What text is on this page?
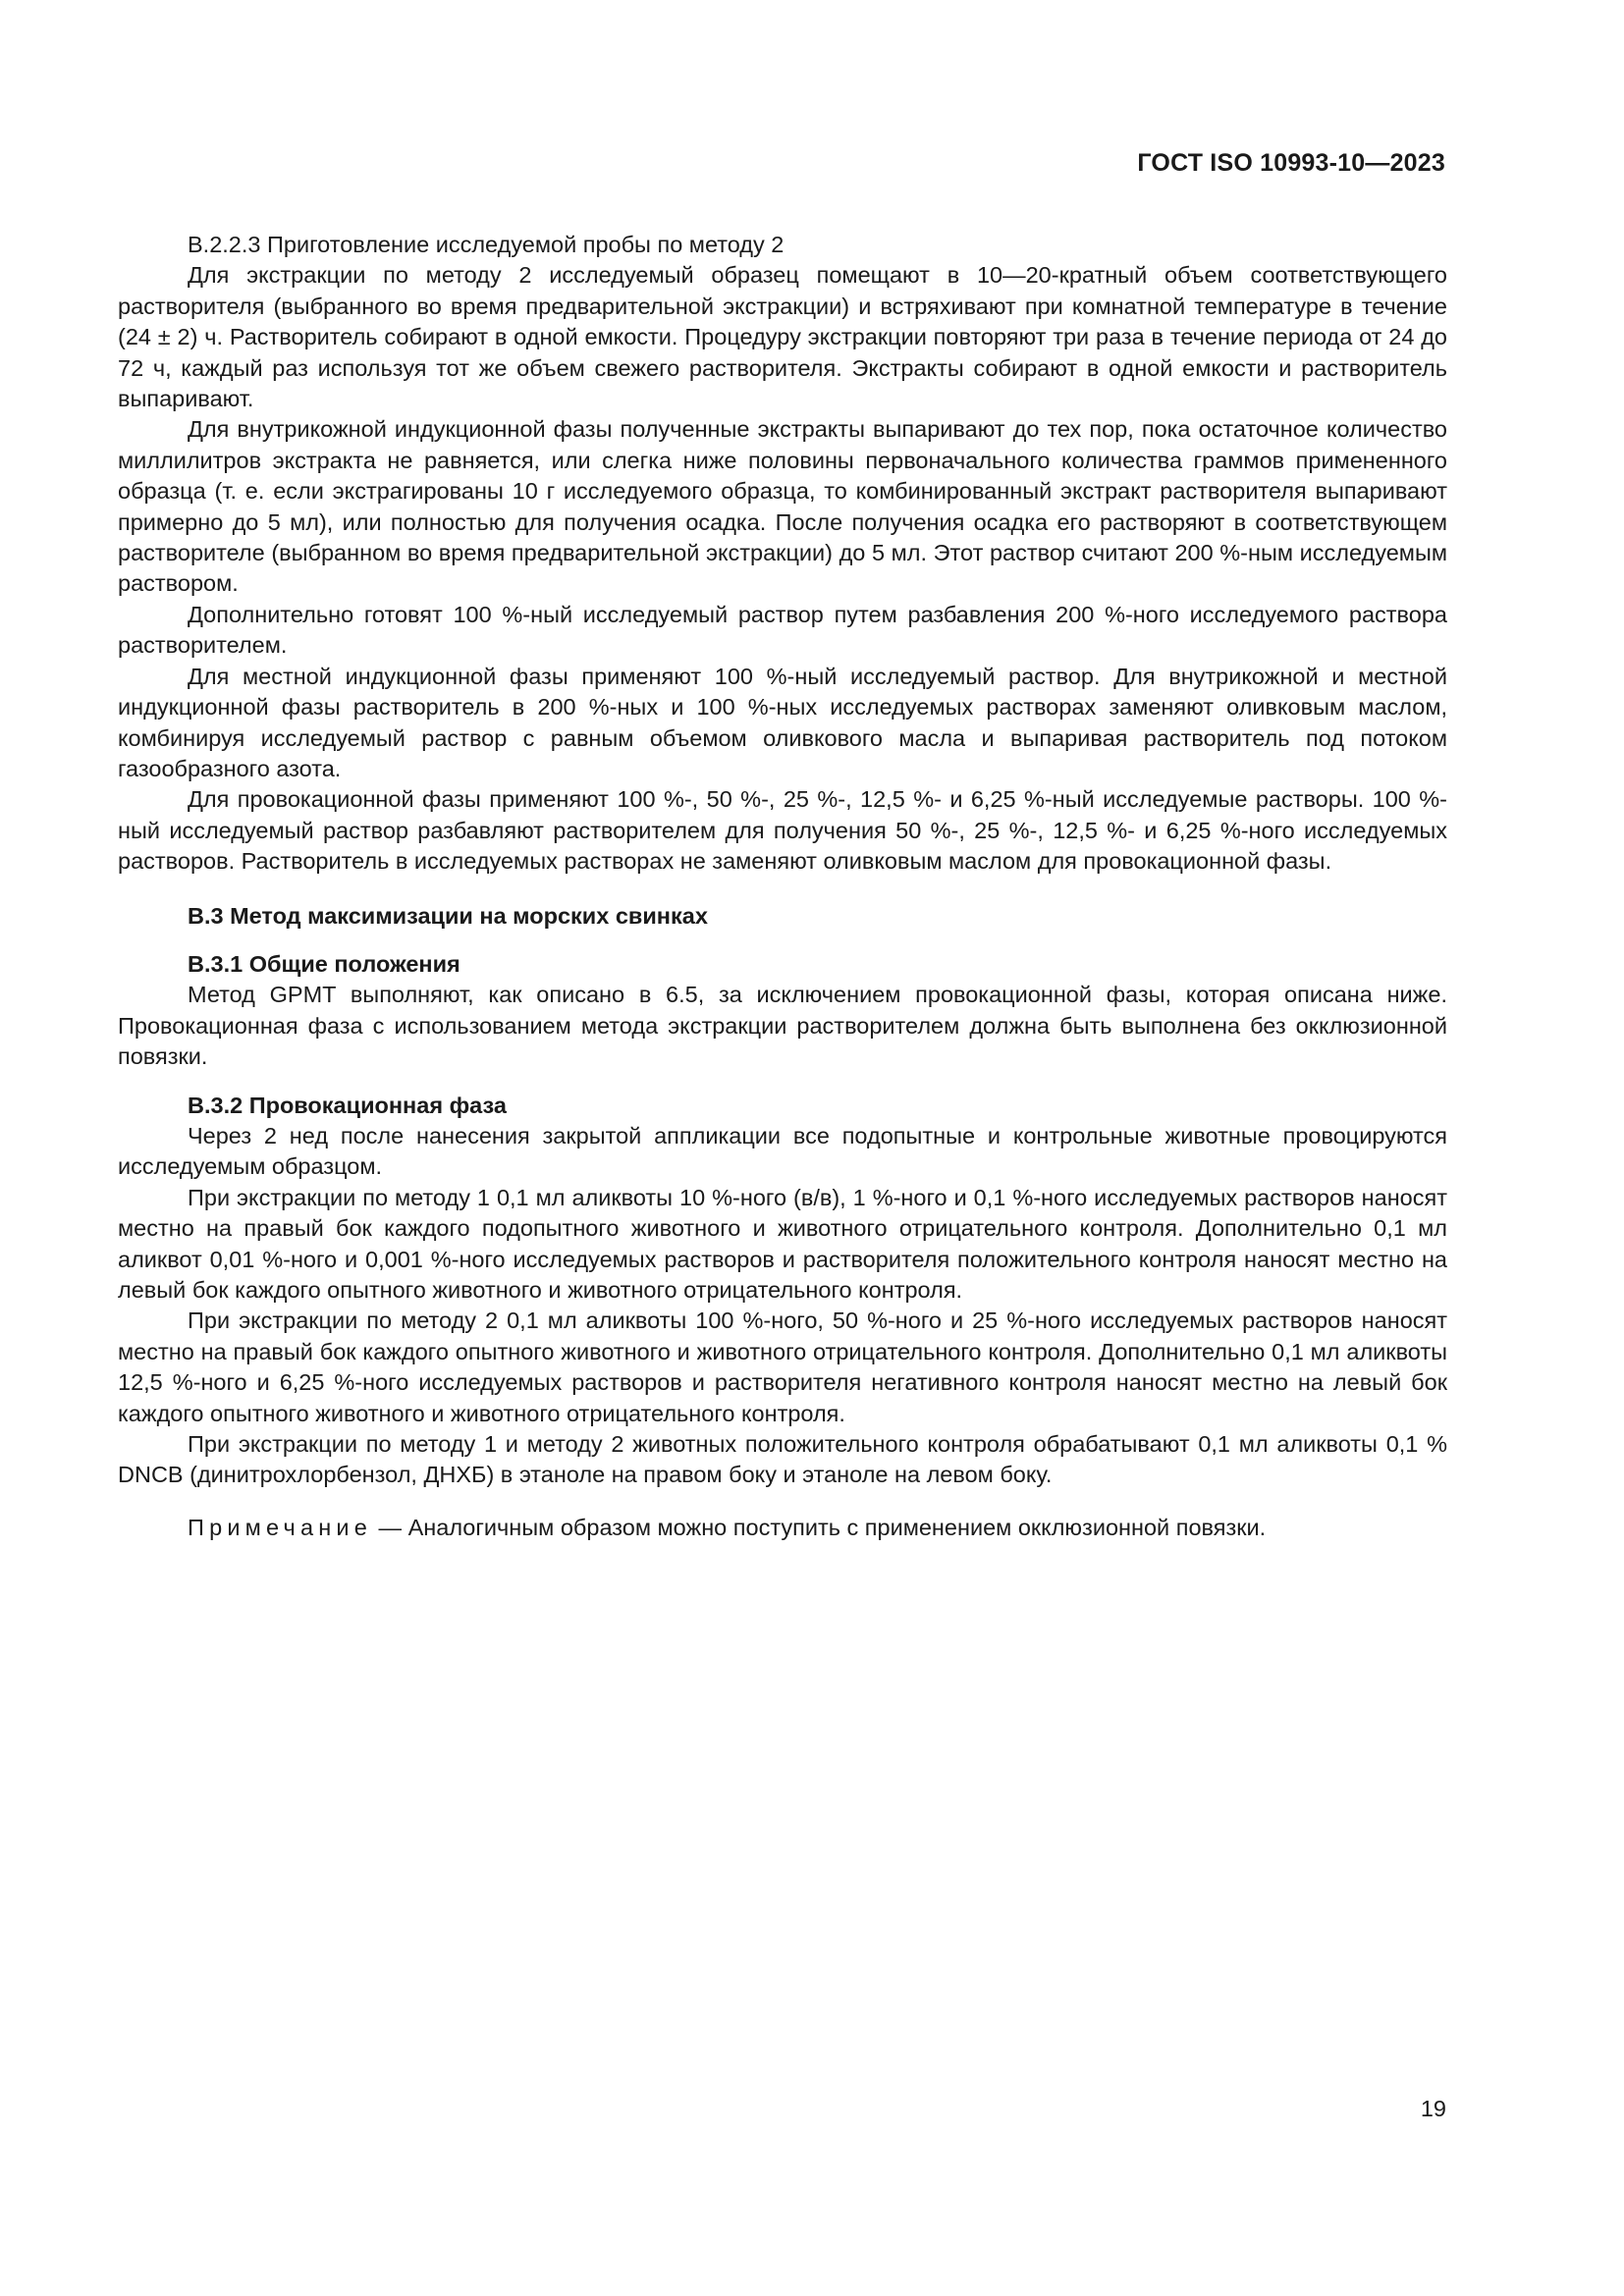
ГОСТ ISO 10993-10—2023
В.2.2.3 Приготовление исследуемой пробы по методу 2

Для экстракции по методу 2 исследуемый образец помещают в 10—20-кратный объем соответствующего растворителя (выбранного во время предварительной экстракции) и встряхивают при комнатной температуре в течение (24 ± 2) ч. Растворитель собирают в одной емкости. Процедуру экстракции повторяют три раза в течение периода от 24 до 72 ч, каждый раз используя тот же объем свежего растворителя. Экстракты собирают в одной емкости и растворитель выпаривают.

Для внутрикожной индукционной фазы полученные экстракты выпаривают до тех пор, пока остаточное количество миллилитров экстракта не равняется, или слегка ниже половины первоначального количества граммов примененного образца (т. е. если экстрагированы 10 г исследуемого образца, то комбинированный экстракт растворителя выпаривают примерно до 5 мл), или полностью для получения осадка. После получения осадка его растворяют в соответствующем растворителе (выбранном во время предварительной экстракции) до 5 мл. Этот раствор считают 200 %-ным исследуемым раствором.

Дополнительно готовят 100 %-ный исследуемый раствор путем разбавления 200 %-ного исследуемого раствора растворителем.

Для местной индукционной фазы применяют 100 %-ный исследуемый раствор. Для внутрикожной и местной индукционной фазы растворитель в 200 %-ных и 100 %-ных исследуемых растворах заменяют оливковым маслом, комбинируя исследуемый раствор с равным объемом оливкового масла и выпаривая растворитель под потоком газообразного азота.

Для провокационной фазы применяют 100 %-, 50 %-, 25 %-, 12,5 %- и 6,25 %-ный исследуемые растворы. 100 %-ный исследуемый раствор разбавляют растворителем для получения 50 %-, 25 %-, 12,5 %- и 6,25 %-ного исследуемых растворов. Растворитель в исследуемых растворах не заменяют оливковым маслом для провокационной фазы.

В.3 Метод максимизации на морских свинках
В.3.1 Общие положения

Метод GPMT выполняют, как описано в 6.5, за исключением провокационной фазы, которая описана ниже. Провокационная фаза с использованием метода экстракции растворителем должна быть выполнена без окклюзионной повязки.

В.3.2 Провокационная фаза

Через 2 нед после нанесения закрытой аппликации все подопытные и контрольные животные провоцируются исследуемым образцом.

При экстракции по методу 1 0,1 мл аликвоты 10 %-ного (в/в), 1 %-ного и 0,1 %-ного исследуемых растворов наносят местно на правый бок каждого подопытного животного и животного отрицательного контроля. Дополнительно 0,1 мл аликвот 0,01 %-ного и 0,001 %-ного исследуемых растворов и растворителя положительного контроля наносят местно на левый бок каждого опытного животного и животного отрицательного контроля.

При экстракции по методу 2 0,1 мл аликвоты 100 %-ного, 50 %-ного и 25 %-ного исследуемых растворов наносят местно на правый бок каждого опытного животного и животного отрицательного контроля. Дополнительно 0,1 мл аликвоты 12,5 %-ного и 6,25 %-ного исследуемых растворов и растворителя негативного контроля наносят местно на левый бок каждого опытного животного и животного отрицательного контроля.

При экстракции по методу 1 и методу 2 животных положительного контроля обрабатывают 0,1 мл аликвоты 0,1 % DNCB (динитрохлорбензол, ДНХБ) в этаноле на правом боку и этаноле на левом боку.

Примечание — Аналогичным образом можно поступить с применением окклюзионной повязки.
19
